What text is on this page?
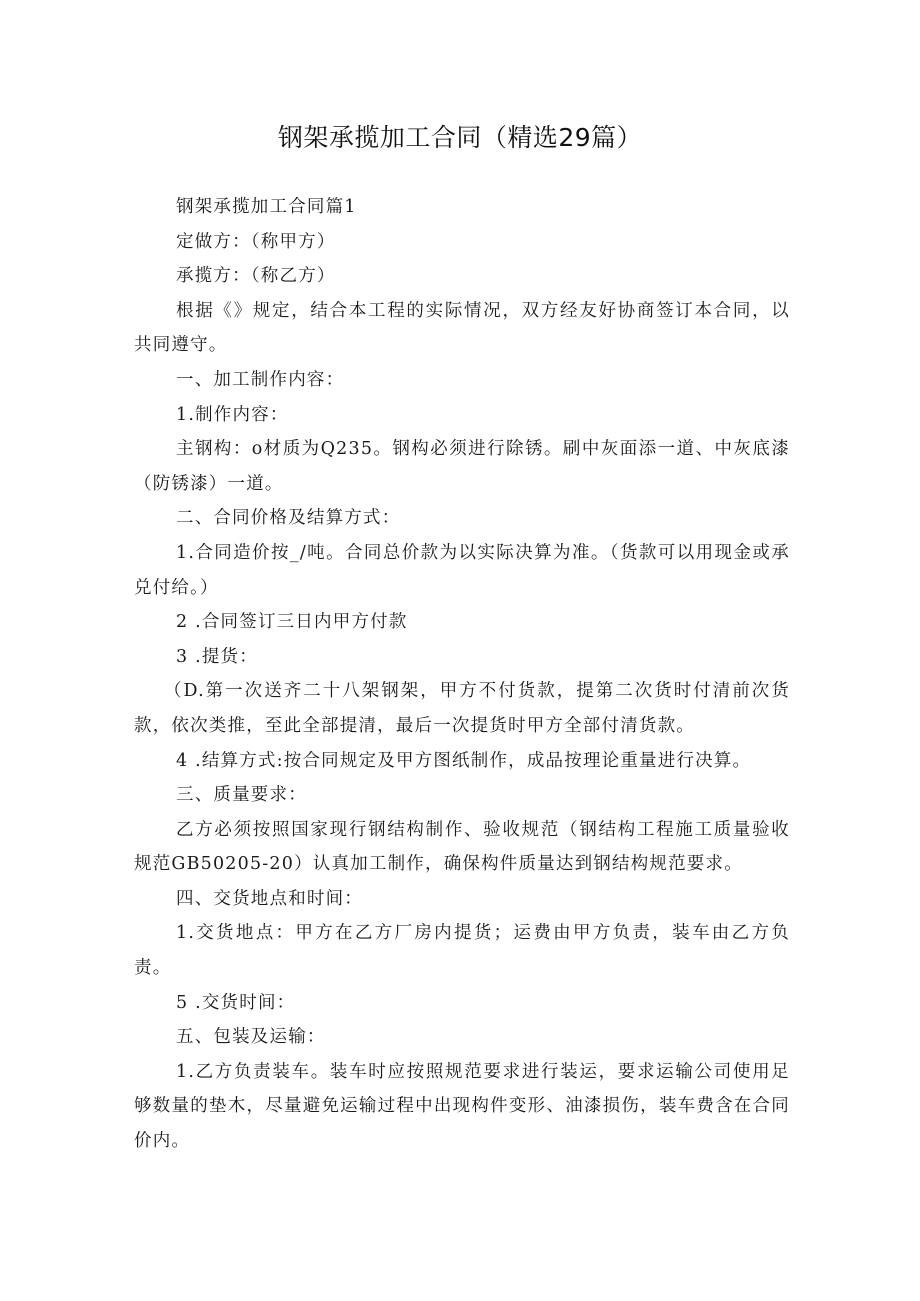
钢架承揽加工合同（精选29篇）

钢架承揽加工合同篇1

定做方：（称甲方）

承揽方：（称乙方）

根据《》规定，结合本工程的实际情况，双方经友好协商签订本合同，以共同遵守。

一、加工制作内容：

1.制作内容：

主钢构：o材质为Q235。钢构必须进行除锈。刷中灰面添一道、中灰底漆（防锈漆）一道。

二、合同价格及结算方式：

1.合同造价按_/吨。合同总价款为以实际决算为准。（货款可以用现金或承兑付给。）

2 .合同签订三日内甲方付款

3 .提货：

（D.第一次送齐二十八架钢架，甲方不付货款，提第二次货时付清前次货款，依次类推，至此全部提清，最后一次提货时甲方全部付清货款。

4 .结算方式:按合同规定及甲方图纸制作，成品按理论重量进行决算。

三、质量要求：

乙方必须按照国家现行钢结构制作、验收规范（钢结构工程施工质量验收规范GB50205-20）认真加工制作，确保构件质量达到钢结构规范要求。

四、交货地点和时间：

1.交货地点：甲方在乙方厂房内提货；运费由甲方负责，装车由乙方负责。

5 .交货时间：

五、包装及运输：

1.乙方负责装车。装车时应按照规范要求进行装运，要求运输公司使用足够数量的垫木，尽量避免运输过程中出现构件变形、油漆损伤，装车费含在合同价内。
